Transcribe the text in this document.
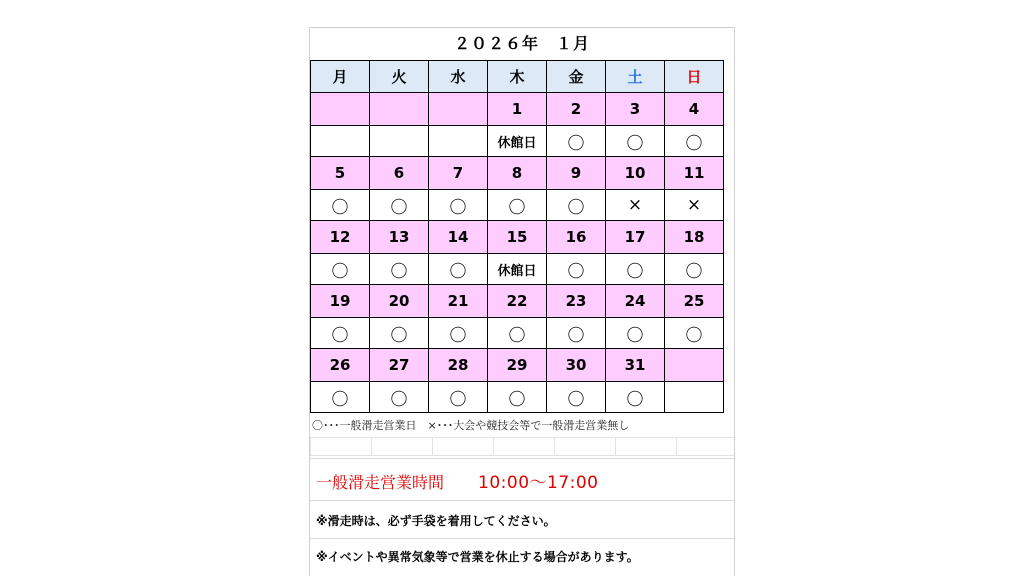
２０２６年　１月
月	火	水	木	金	土	日
			1	2	3	4
			休館日	〇	〇	〇
5	6	7	8	9	10	11
〇	〇	〇	〇	〇	×	×
12	13	14	15	16	17	18
〇	〇	〇	休館日	〇	〇	〇
19	20	21	22	23	24	25
〇	〇	〇	〇	〇	〇	〇
26	27	28	29	30	31	
〇	〇	〇	〇	〇	〇	
〇･･･一般滑走営業日　×･･･大会や競技会等で一般滑走営業無し
一般滑走営業時間 10:00～17:00
※滑走時は、必ず手袋を着用してください。
※イベントや異常気象等で営業を休止する場合があります。
